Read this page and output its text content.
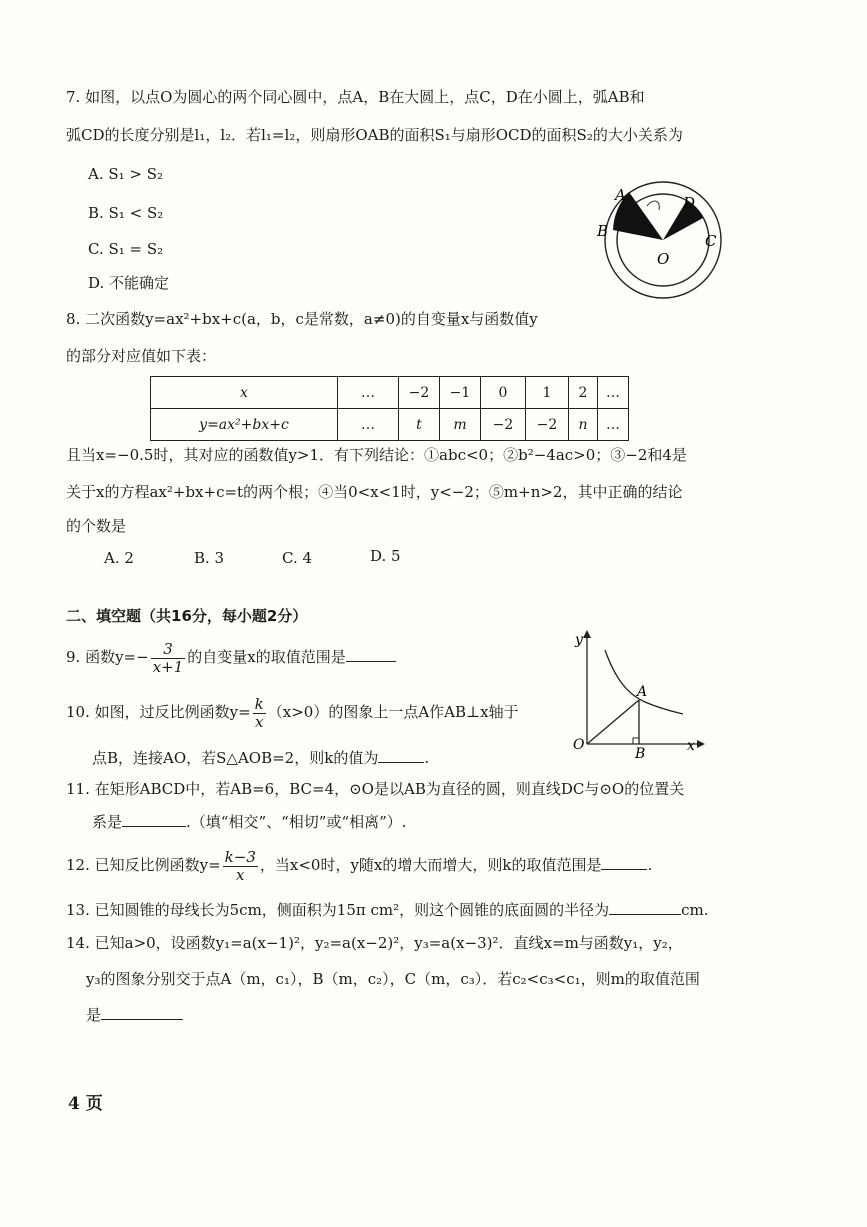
7. 如图，以点O为圆心的两个同心圆中，点A，B在大圆上，点C，D在小圆上，弧AB和
弧CD的长度分别是l₁，l₂．若l₁=l₂，则扇形OAB的面积S₁与扇形OCD的面积S₂的大小关系为
A. S₁ > S₂
B. S₁ < S₂
C. S₁ = S₂
D. 不能确定
A
B
D
C
O
8. 二次函数y=ax²+bx+c(a，b，c是常数，a≠0)的自变量x与函数值y
的部分对应值如下表：
x	…	−2	−1	0	1	2	…
y=ax²+bx+c	…	t	m	−2	−2	n	…
且当x=−0.5时，其对应的函数值y>1．有下列结论：①abc<0；②b²−4ac>0；③−2和4是
关于x的方程ax²+bx+c=t的两个根；④当0<x<1时，y<−2；⑤m+n>2，其中正确的结论
的个数是
A. 2	B. 3	C. 4	D. 5
二、填空题（共16分，每小题2分）
9. 函数$y=- \frac{3}{x+1}$ 的自变量x的取值范围是
10. 如图，过反比例函数$y= \frac{k}{x} (x>0)$的图象上一点A作AB⊥x轴于
点B，连接AO，若S△AOB=2，则k的值为	.
y
A
O
B	x
11. 在矩形ABCD中，若AB=6，BC=4，⊙O是以AB为直径的圆，则直线DC与⊙O的位置关
系是	.（填“相交”、“相切”或“相离”）.
12. 已知反比例函数$y= \frac{k-3}{x}$ ，当x<0时，y随x的增大而增大，则k的取值范围是	.
13. 已知圆锥的母线长为5cm，侧面积为15π cm²，则这个圆锥的底面圆的半径为	cm.
14. 已知a>0，设函数y₁=a(x−1)²，y₂=a(x−2)²，y₃=a(x−3)²．直线x=m与函数y₁，y₂，
y₃的图象分别交于点A（m，c₁），B（m，c₂），C（m，c₃）．若c₂<c₃<c₁，则m的取值范围
是
4 页
